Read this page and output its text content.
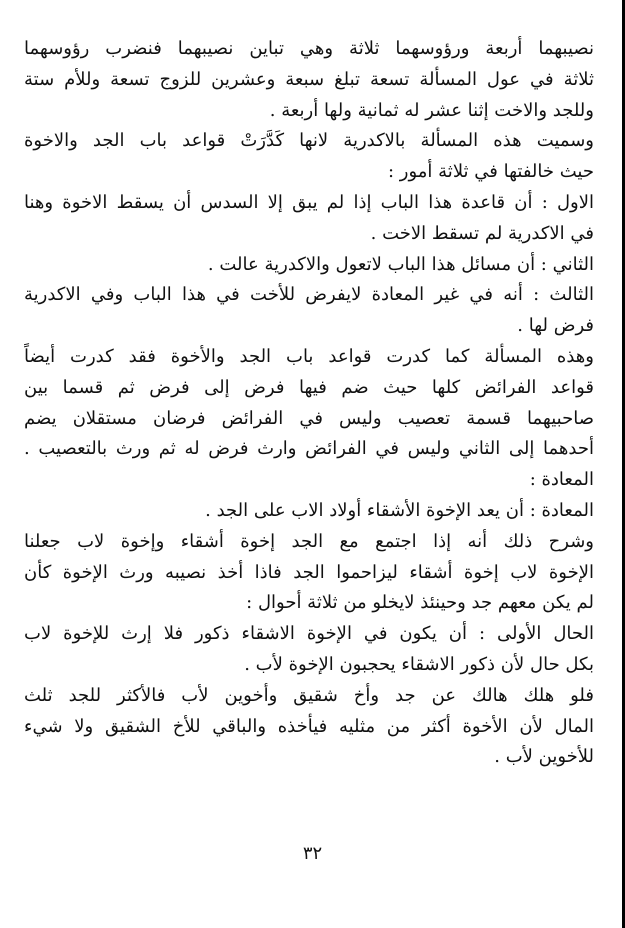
نصيبهما أربعة ورؤوسهما ثلاثة وهي تباين نصيبهما فنضرب رؤوسهما
ثلاثة في عول المسألة تسعة تبلغ سبعة وعشرين للزوج تسعة وللأم ستة
وللجد والاخت إثنا عشر له ثمانية ولها أربعة .
وسميت هذه المسألة بالاكدرية لانها كَدَّرَتْ قواعد باب الجد والاخوة
حيث خالفتها في ثلاثة أمور :
الاول : أن قاعدة هذا الباب إذا لم يبق إلا السدس أن يسقط الاخوة وهنا
في الاكدرية لم تسقط الاخت .
الثاني : أن مسائل هذا الباب لاتعول والاكدرية عالت .
الثالث : أنه في غير المعادة لايفرض للأخت في هذا الباب وفي الاكدرية
فرض لها .
وهذه المسألة كما كدرت قواعد باب الجد والأخوة فقد كدرت أيضاً
قواعد الفرائض كلها حيث ضم فيها فرض إلى فرض ثم قسما بين
صاحبيهما قسمة تعصيب وليس في الفرائض فرضان مستقلان يضم
أحدهما إلى الثاني وليس في الفرائض وارث فرض له ثم ورث بالتعصيب .
المعادة :
المعادة : أن يعد الإخوة الأشقاء أولاد الاب على الجد .
وشرح ذلك أنه إذا اجتمع مع الجد إخوة أشقاء وإخوة لاب جعلنا
الإخوة لاب إخوة أشقاء ليزاحموا الجد فاذا أخذ نصيبه ورث الإخوة كأن
لم يكن معهم جد وحينئذ لايخلو من ثلاثة أحوال :
الحال الأولى : أن يكون في الإخوة الاشقاء ذكور فلا إرث للإخوة لاب
بكل حال لأن ذكور الاشقاء يحجبون الإخوة لأب .
فلو هلك هالك عن جد وأخ شقيق وأخوين لأب فالأكثر للجد ثلث
المال لأن الأخوة أكثر من مثليه فيأخذه والباقي للأخ الشقيق ولا شيء
للأخوين لأب .
٣٢
